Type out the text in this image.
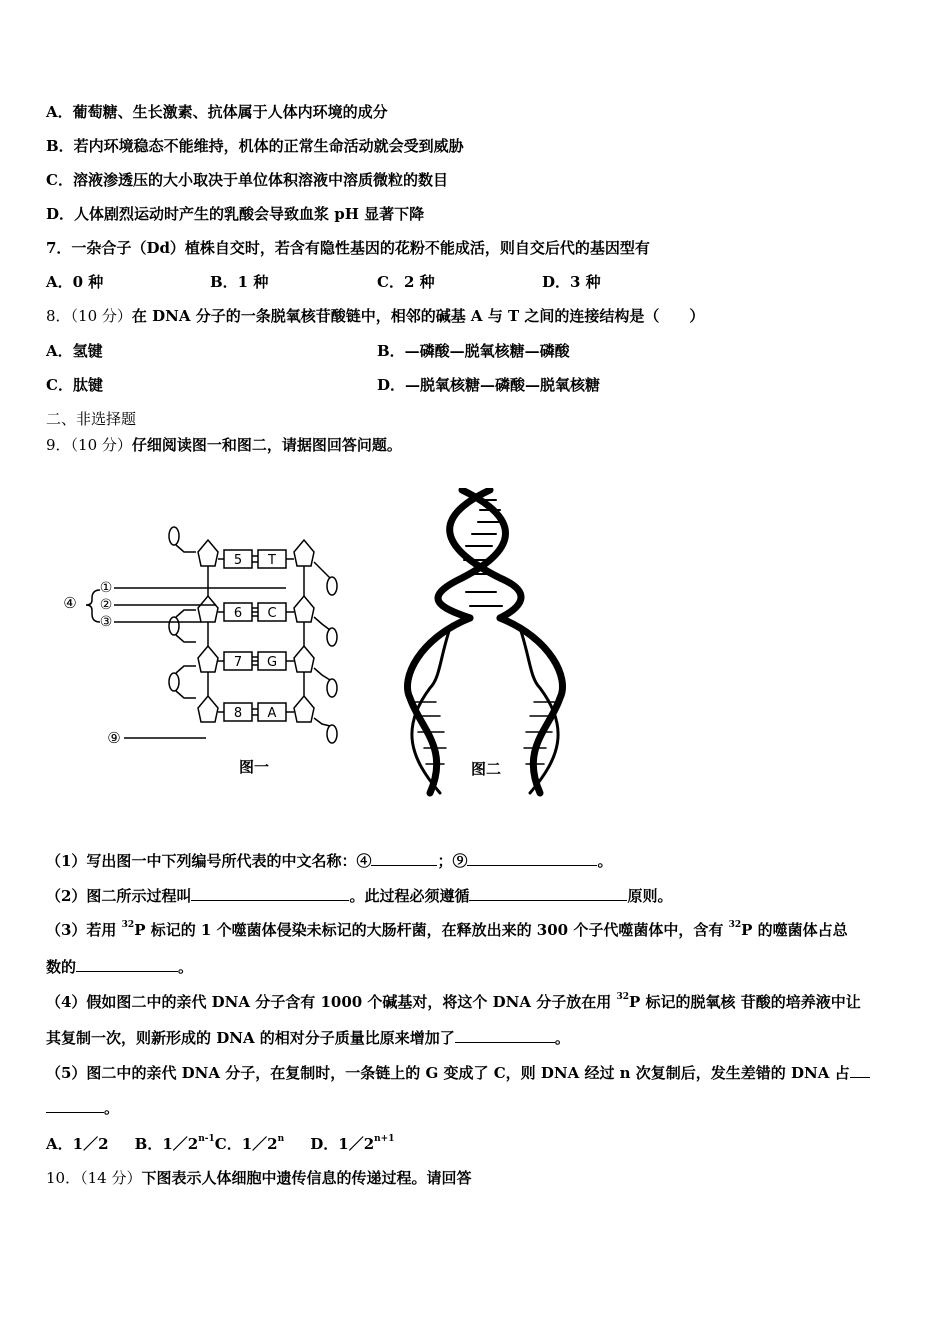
A．葡萄糖、生长激素、抗体属于人体内环境的成分
B．若内环境稳态不能维持，机体的正常生命活动就会受到威胁
C．溶液渗透压的大小取决于单位体积溶液中溶质微粒的数目
D．人体剧烈运动时产生的乳酸会导致血浆 pH 显著下降
7．一杂合子（Dd）植株自交时，若含有隐性基因的花粉不能成活，则自交后代的基因型有
A．0 种	B．1 种	C．2 种	D．3 种
8．（10 分）在 DNA 分子的一条脱氧核苷酸链中，相邻的碱基 A 与 T 之间的连接结构是（　　）
A．氢键	B．—磷酸—脱氧核糖—磷酸
C．肽键	D．—脱氧核糖—磷酸—脱氧核糖
二、非选择题
9．（10 分）仔细阅读图一和图二，请据图回答问题。
5 T
6 C
7 G
8 A
①
②
③
④
⑨
图一	图二
（1）写出图一中下列编号所代表的中文名称：④	；⑨	。
（2）图二所示过程叫	。此过程必须遵循	原则。
（3）若用 $^{32}$P 标记的 1 个噬菌体侵染未标记的大肠杆菌，在释放出来的 300 个子代噬菌体中，含有 $^{32}$P 的噬菌体占总
数的	。
（4）假如图二中的亲代 DNA 分子含有 1000 个碱基对，将这个 DNA 分子放在用 $^{32}$P 标记的脱氧核 苷酸的培养液中让
其复制一次，则新形成的 DNA 的相对分子质量比原来增加了	。
（5）图二中的亲代 DNA 分子，在复制时，一条链上的 G 变成了 C，则 DNA 经过 n 次复制后，发生差错的 DNA 占
。
A．1／2 B．1／2$^{n-1}$C．1／2$^n$ D．$1/2^{n+1}$
10．（14 分）下图表示人体细胞中遗传信息的传递过程。请回答
